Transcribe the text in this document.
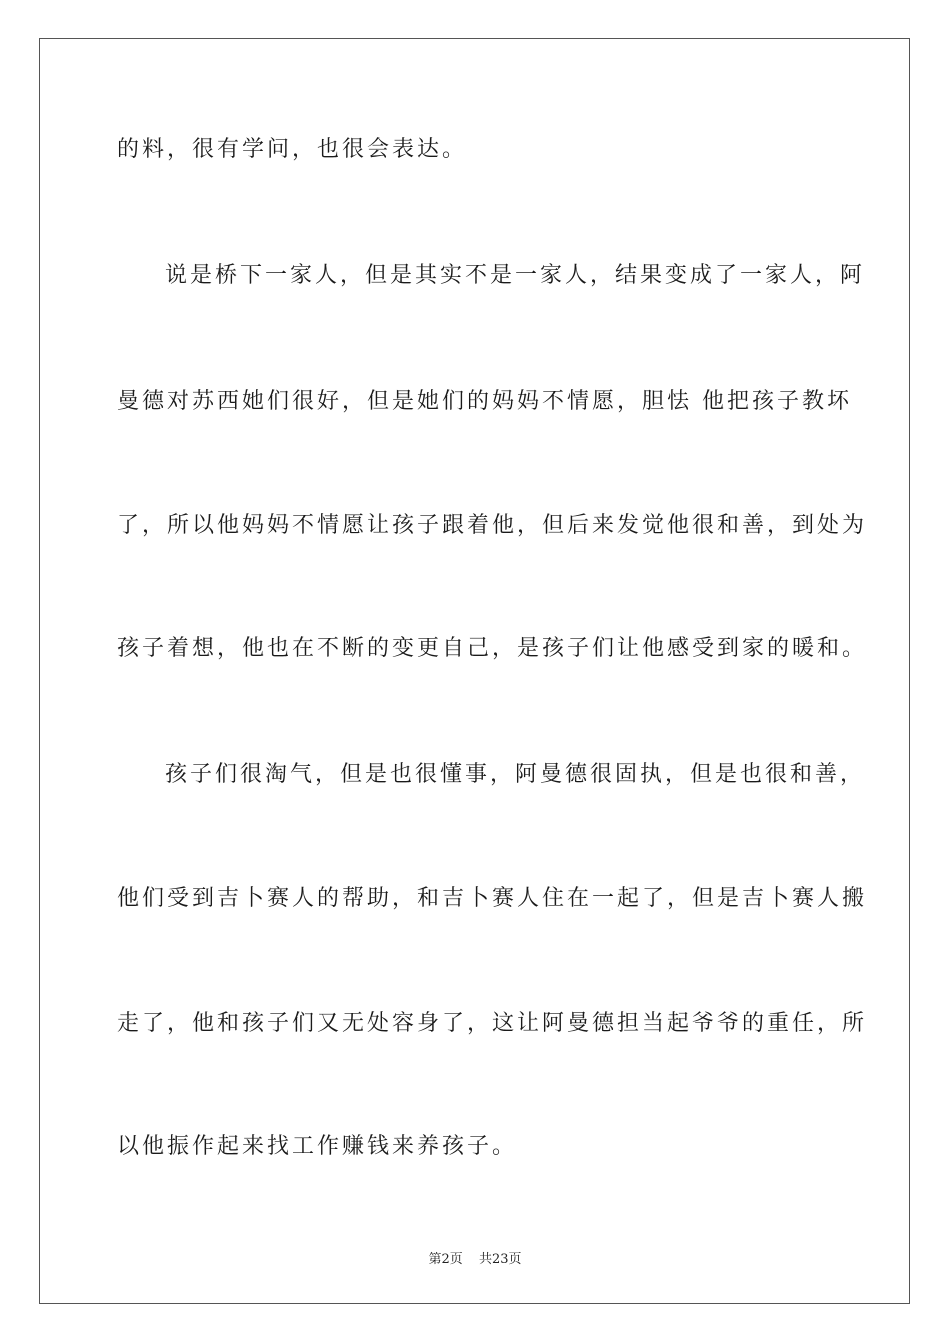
的料，很有学问，也很会表达。
说是桥下一家人，但是其实不是一家人，结果变成了一家人，阿
曼德对苏西她们很好，但是她们的妈妈不情愿，胆怯 他把孩子教坏
了，所以他妈妈不情愿让孩子跟着他，但后来发觉他很和善，到处为
孩子着想，他也在不断的变更自己，是孩子们让他感受到家的暖和。
孩子们很淘气，但是也很懂事，阿曼德很固执，但是也很和善，
他们受到吉卜赛人的帮助，和吉卜赛人住在一起了，但是吉卜赛人搬
走了，他和孩子们又无处容身了，这让阿曼德担当起爷爷的重任，所
以他振作起来找工作赚钱来养孩子。
第2页 共23页
